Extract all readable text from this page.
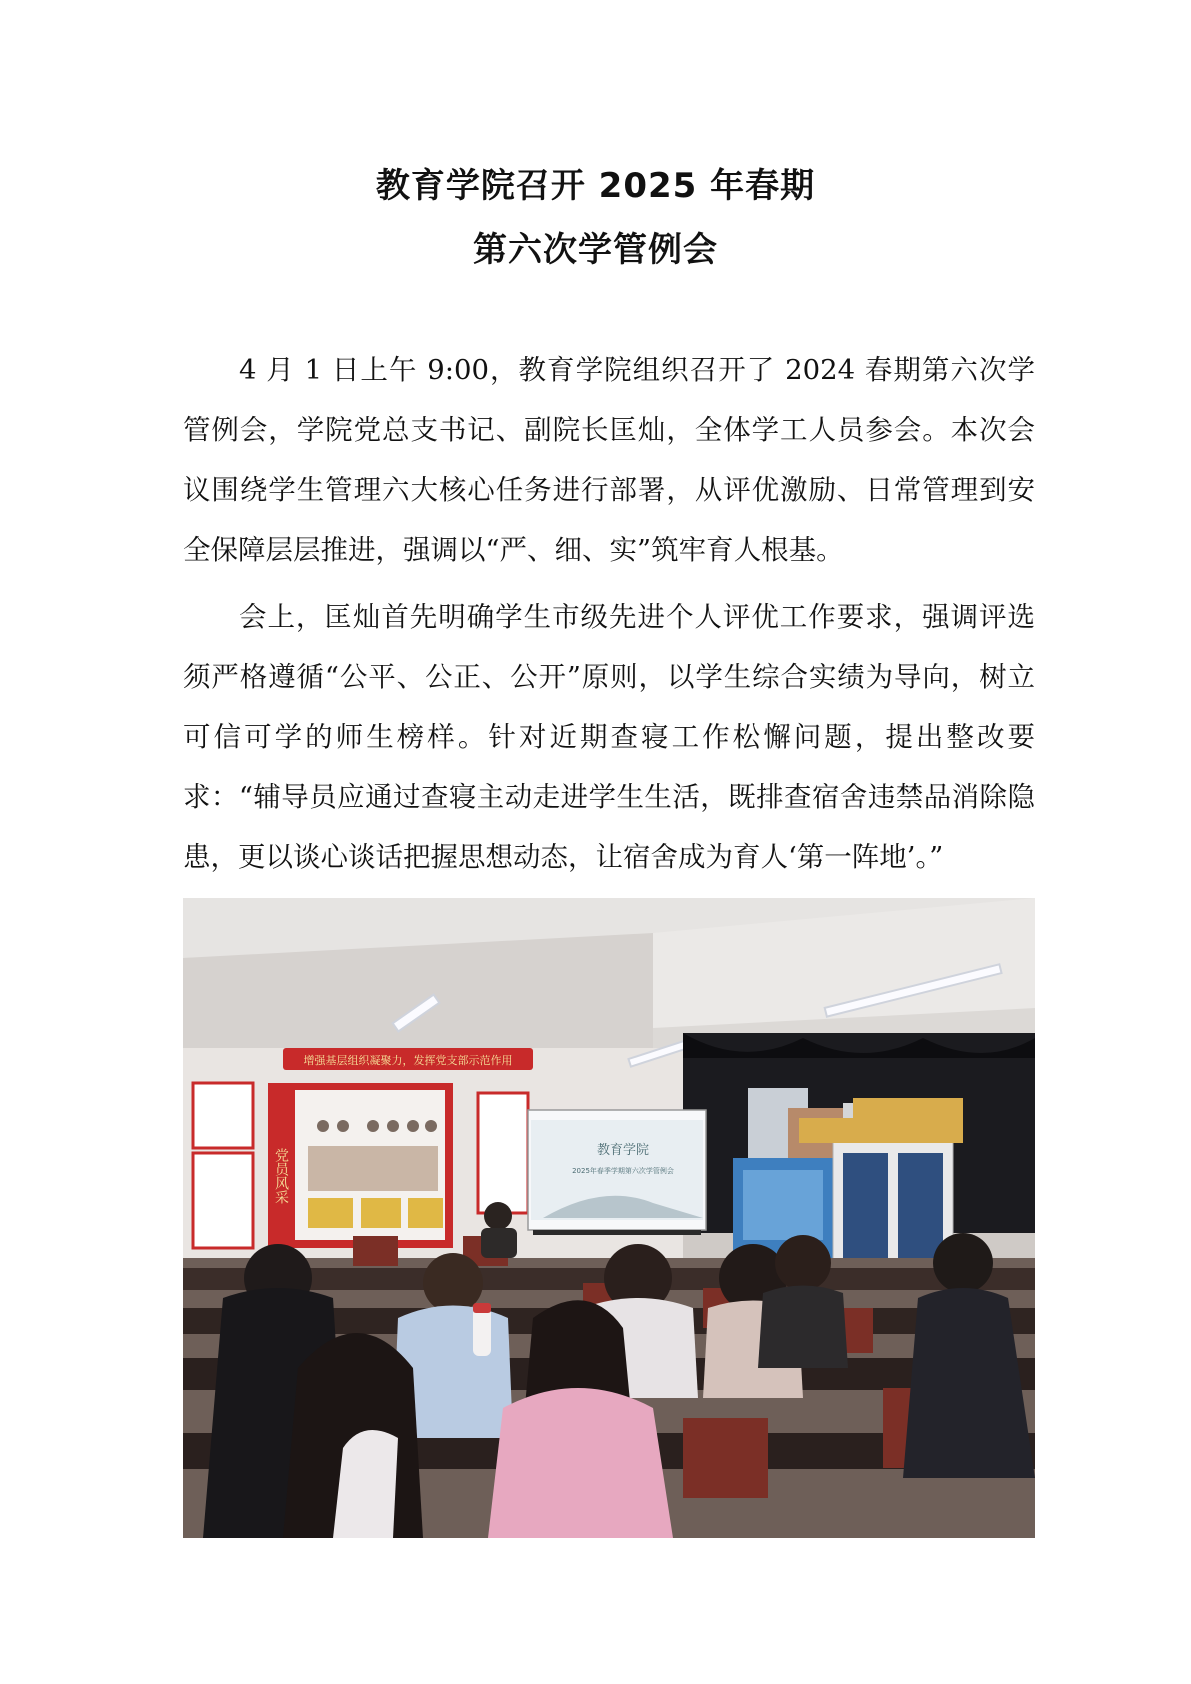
教育学院召开 2025 年春期
第六次学管例会

4 月 1 日上午 9:00，教育学院组织召开了 2024 春期第六次学管例会，学院党总支书记、副院长匡灿，全体学工人员参会。本次会议围绕学生管理六大核心任务进行部署，从评优激励、日常管理到安全保障层层推进，强调以“严、细、实”筑牢育人根基。

会上，匡灿首先明确学生市级先进个人评优工作要求，强调评选须严格遵循“公平、公正、公开”原则，以学生综合实绩为导向，树立可信可学的师生榜样。针对近期查寝工作松懈问题，提出整改要求：“辅导员应通过查寝主动走进学生生活，既排查宿舍违禁品消除隐患，更以谈心谈话把握思想动态，让宿舍成为育人‘第一阵地’。”

增强基层组织凝聚力，发挥党支部示范作用
党员风采	教育学院
2025年春季学期第六次学管例会
